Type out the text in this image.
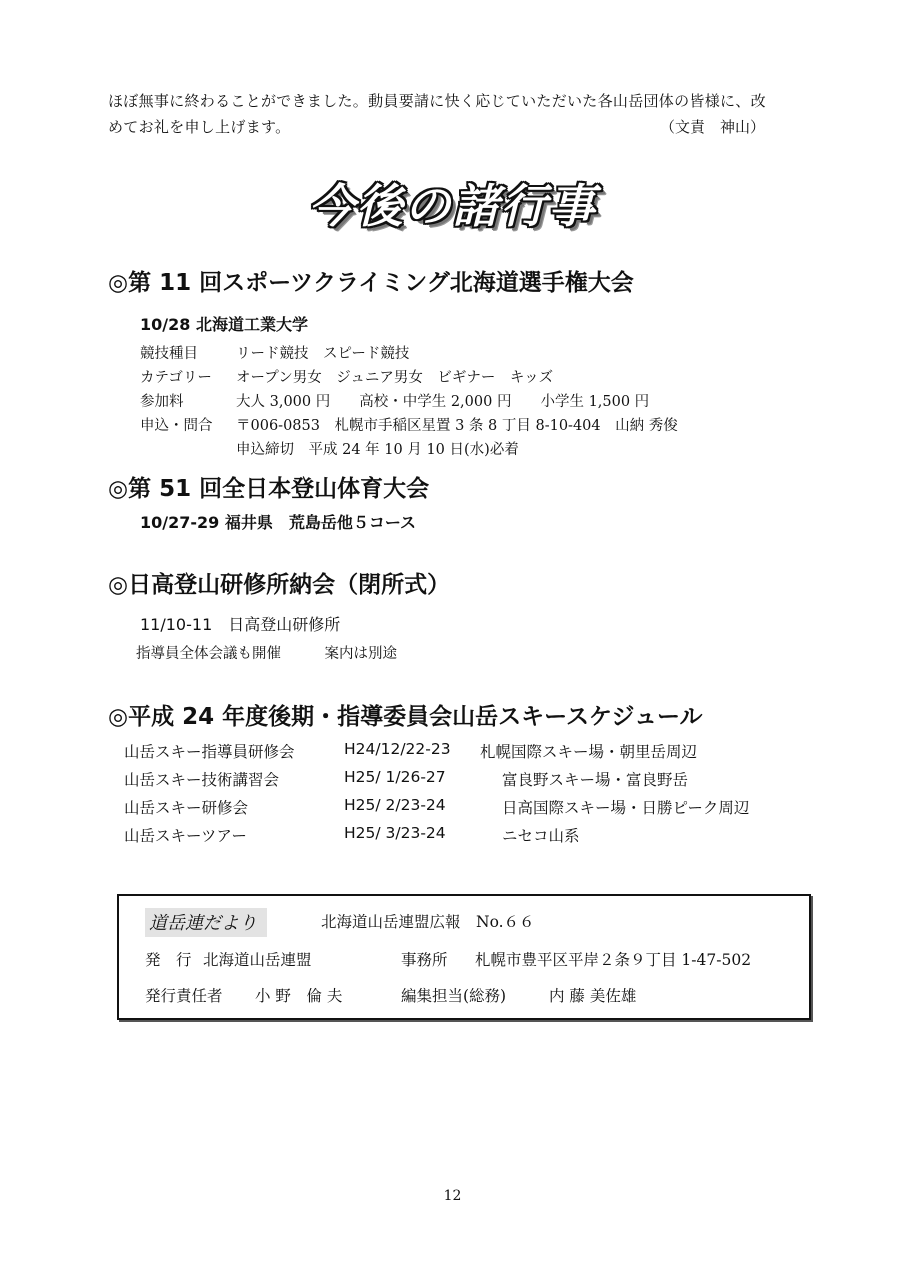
ほぼ無事に終わることができました。動員要請に快く応じていただいた各山岳団体の皆様に、改
めてお礼を申し上げます。	（文責　神山）
今後の諸行事
◎第 11 回スポーツクライミング北海道選手権大会
10/28 北海道工業大学
競技種目	リード競技　スピード競技
カテゴリー オープン男女　ジュニア男女　ビギナー　キッズ
参加料	大人 3,000 円　　高校・中学生 2,000 円　　小学生 1,500 円
申込・問合 〒006-0853　札幌市手稲区星置 3 条 8 丁目 8-10-404　山納 秀俊
申込締切　平成 24 年 10 月 10 日(水)必着
◎第 51 回全日本登山体育大会
10/27-29 福井県　荒島岳他５コース
◎日高登山研修所納会（閉所式）
11/10-11　日高登山研修所
指導員全体会議も開催　　　案内は別途
◎平成 24 年度後期・指導委員会山岳スキースケジュール
山岳スキー指導員研修会	H24/12/22-23 札幌国際スキー場・朝里岳周辺
山岳スキー技術講習会	H25/ 1/26-27	富良野スキー場・富良野岳
山岳スキー研修会	H25/ 2/23-24	日高国際スキー場・日勝ピーク周辺
山岳スキーツアー	H25/ 3/23-24	ニセコ山系
道岳連だより	北海道山岳連盟広報　No.６６
発　行 北海道山岳連盟	事務所 札幌市豊平区平岸２条９丁目 1-47-502
発行責任者 小 野　倫 夫	編集担当(総務)	内 藤 美佐雄
12
